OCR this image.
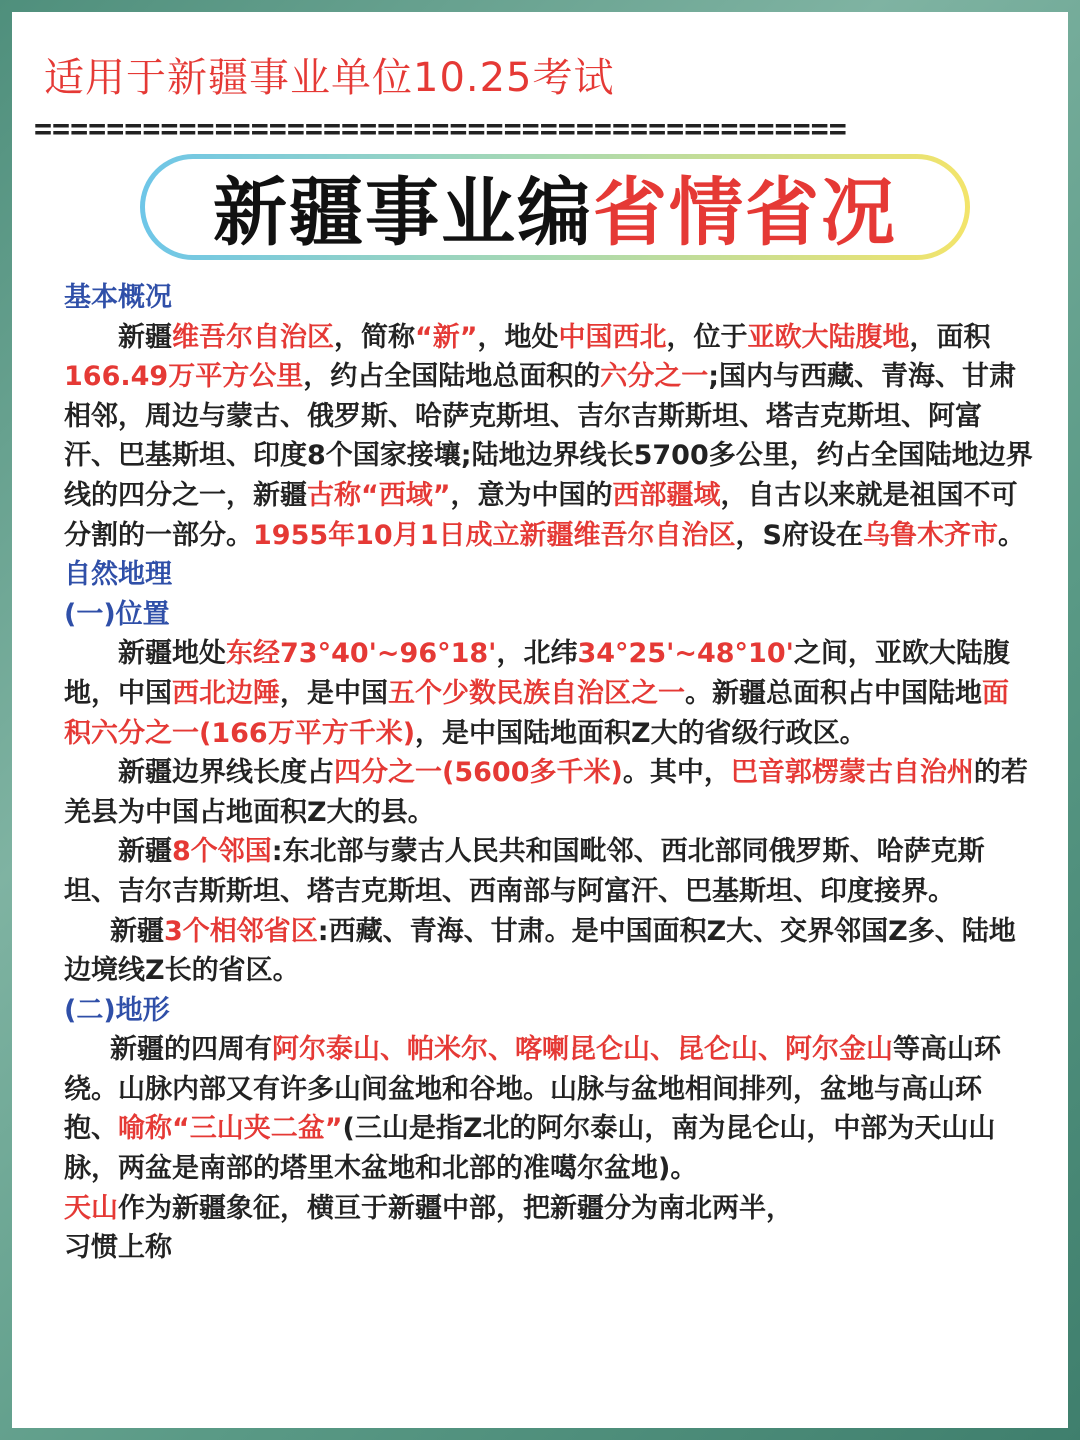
适用于新疆事业单位10.25考试
=============================================
新疆事业编省情省况
基本概况
新疆维吾尔自治区，简称“新”，地处中国西北，位于亚欧大陆腹地，面积166.49万平方公里，约占全国陆地总面积的六分之一;国内与西藏、青海、甘肃相邻，周边与蒙古、俄罗斯、哈萨克斯坦、吉尔吉斯斯坦、塔吉克斯坦、阿富汗、巴基斯坦、印度8个国家接壤;陆地边界线长5700多公里，约占全国陆地边界线的四分之一，新疆古称“西域”，意为中国的西部疆域，自古以来就是祖国不可分割的一部分。1955年10月1日成立新疆维吾尔自治区，S府设在乌鲁木齐市。
自然地理
(一)位置
新疆地处东经73°40'~96°18'，北纬34°25'~48°10'之间，亚欧大陆腹地，中国西北边陲，是中国五个少数民族自治区之一。新疆总面积占中国陆地面积六分之一(166万平方千米)，是中国陆地面积Z大的省级行政区。
新疆边界线长度占四分之一(5600多千米)。其中，巴音郭楞蒙古自治州的若羌县为中国占地面积Z大的县。
新疆8个邻国:东北部与蒙古人民共和国毗邻、西北部同俄罗斯、哈萨克斯坦、吉尔吉斯斯坦、塔吉克斯坦、西南部与阿富汗、巴基斯坦、印度接界。
新疆3个相邻省区:西藏、青海、甘肃。是中国面积Z大、交界邻国Z多、陆地边境线Z长的省区。
(二)地形
新疆的四周有阿尔泰山、帕米尔、喀喇昆仑山、昆仑山、阿尔金山等高山环绕。山脉内部又有许多山间盆地和谷地。山脉与盆地相间排列，盆地与高山环抱、喻称“三山夹二盆”(三山是指Z北的阿尔泰山，南为昆仑山，中部为天山山脉，两盆是南部的塔里木盆地和北部的准噶尔盆地)。
天山作为新疆象征，横亘于新疆中部，把新疆分为南北两半，
习惯上称
